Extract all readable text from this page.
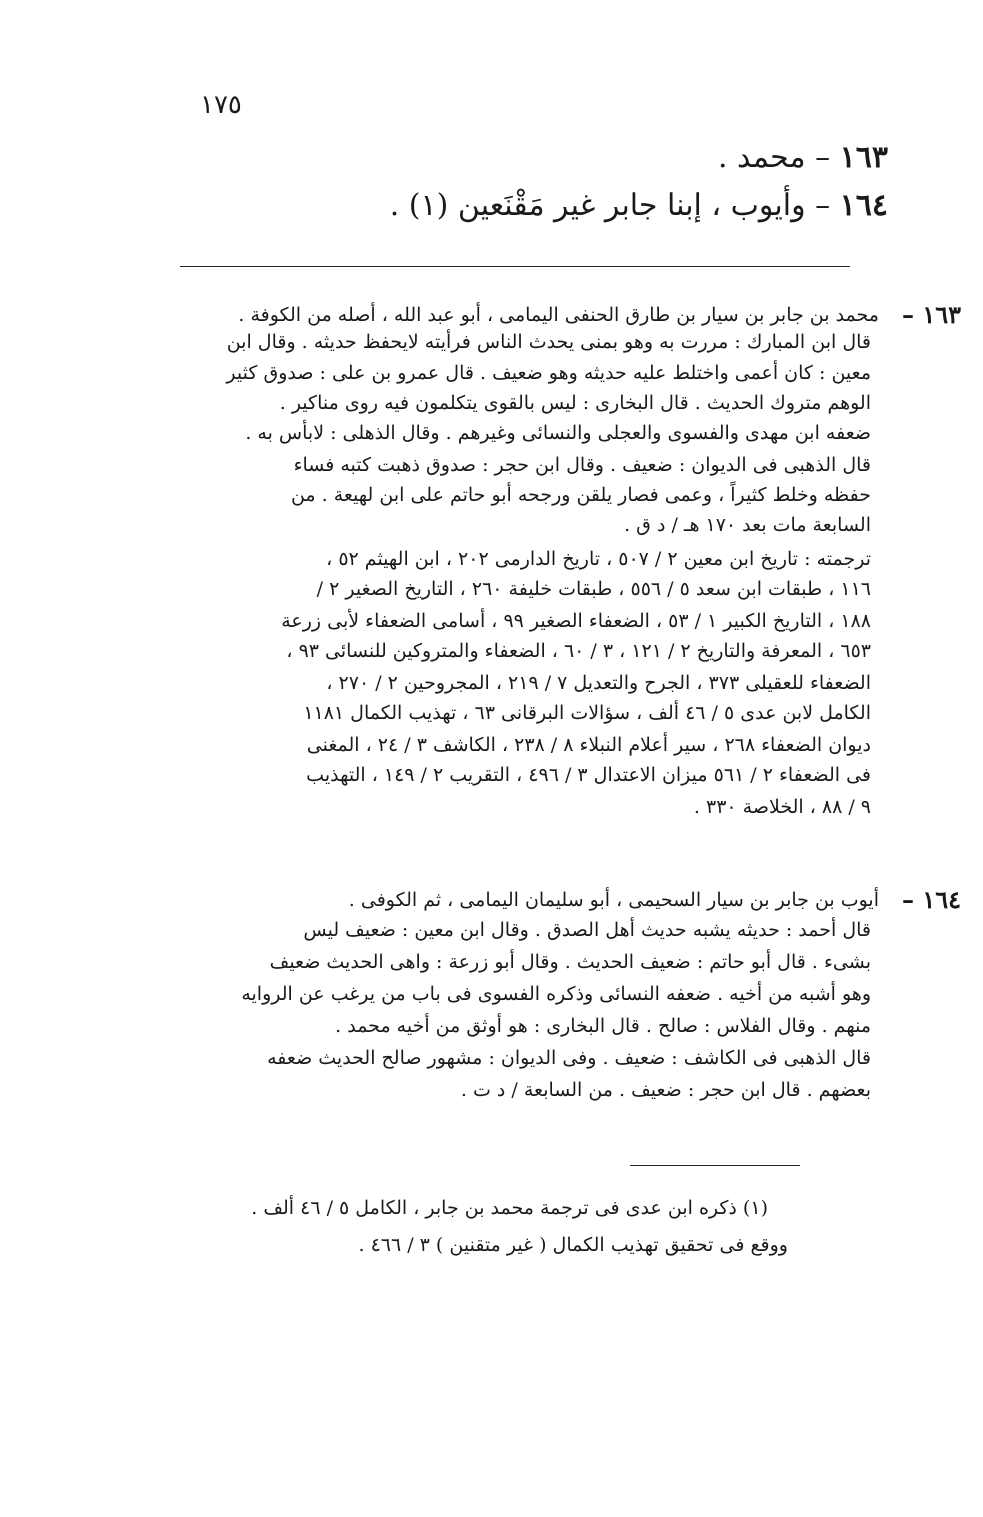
١٧٥
١٦٣ – محمد .
١٦٤ – وأيوب ، إبنا جابر غير مَقْنَعين (١) .
١٦٣ –
محمد بن جابر بن سيار بن طارق الحنفى اليمامى ، أبو عبد الله ، أصله من الكوفة .
قال ابن المبارك : مررت به وهو بمنى يحدث الناس فرأيته لايحفظ حديثه . وقال ابن
معين : كان أعمى واختلط عليه حديثه وهو ضعيف . قال عمرو بن على : صدوق كثير
الوهم متروك الحديث . قال البخارى : ليس بالقوى يتكلمون فيه روى مناكير .
ضعفه ابن مهدى والفسوى والعجلى والنسائى وغيرهم . وقال الذهلى : لابأس به .
قال الذهبى فى الديوان : ضعيف . وقال ابن حجر : صدوق ذهبت كتبه فساء
حفظه وخلط كثيراً ، وعمى فصار يلقن ورجحه أبو حاتم على ابن لهيعة . من
السابعة مات بعد ١٧٠ هـ / د ق .
ترجمته : تاريخ ابن معين ٢ / ٥٠٧ ، تاريخ الدارمى ٢٠٢ ، ابن الهيثم ٥٢ ،
١١٦ ، طبقات ابن سعد ٥ / ٥٥٦ ، طبقات خليفة ٢٦٠ ، التاريخ الصغير ٢ /
١٨٨ ، التاريخ الكبير ١ / ٥٣ ، الضعفاء الصغير ٩٩ ، أسامى الضعفاء لأبى زرعة
٦٥٣ ، المعرفة والتاريخ ٢ / ١٢١ ، ٣ / ٦٠ ، الضعفاء والمتروكين للنسائى ٩٣ ،
الضعفاء للعقيلى ٣٧٣ ، الجرح والتعديل ٧ / ٢١٩ ، المجروحين ٢ / ٢٧٠ ،
الكامل لابن عدى ٥ / ٤٦ ألف ، سؤالات البرقانى ٦٣ ، تهذيب الكمال ١١٨١
ديوان الضعفاء ٢٦٨ ، سير أعلام النبلاء ٨ / ٢٣٨ ، الكاشف ٣ / ٢٤ ، المغنى
فى الضعفاء ٢ / ٥٦١ ميزان الاعتدال ٣ / ٤٩٦ ، التقريب ٢ / ١٤٩ ، التهذيب
٩ / ٨٨ ، الخلاصة ٣٣٠ .
١٦٤ –
أيوب بن جابر بن سيار السحيمى ، أبو سليمان اليمامى ، ثم الكوفى .
قال أحمد : حديثه يشبه حديث أهل الصدق . وقال ابن معين : ضعيف ليس
بشىء . قال أبو حاتم : ضعيف الحديث . وقال أبو زرعة : واهى الحديث ضعيف
وهو أشبه من أخيه . ضعفه النسائى وذكره الفسوى فى باب من يرغب عن الروايه
منهم . وقال الفلاس : صالح . قال البخارى : هو أوثق من أخيه محمد .
قال الذهبى فى الكاشف : ضعيف . وفى الديوان : مشهور صالح الحديث ضعفه
بعضهم . قال ابن حجر : ضعيف . من السابعة / د ت .
(١) ذكره ابن عدى فى ترجمة محمد بن جابر ، الكامل ٥ / ٤٦ ألف .
ووقع فى تحقيق تهذيب الكمال ( غير متقنين ) ٣ / ٤٦٦ .
